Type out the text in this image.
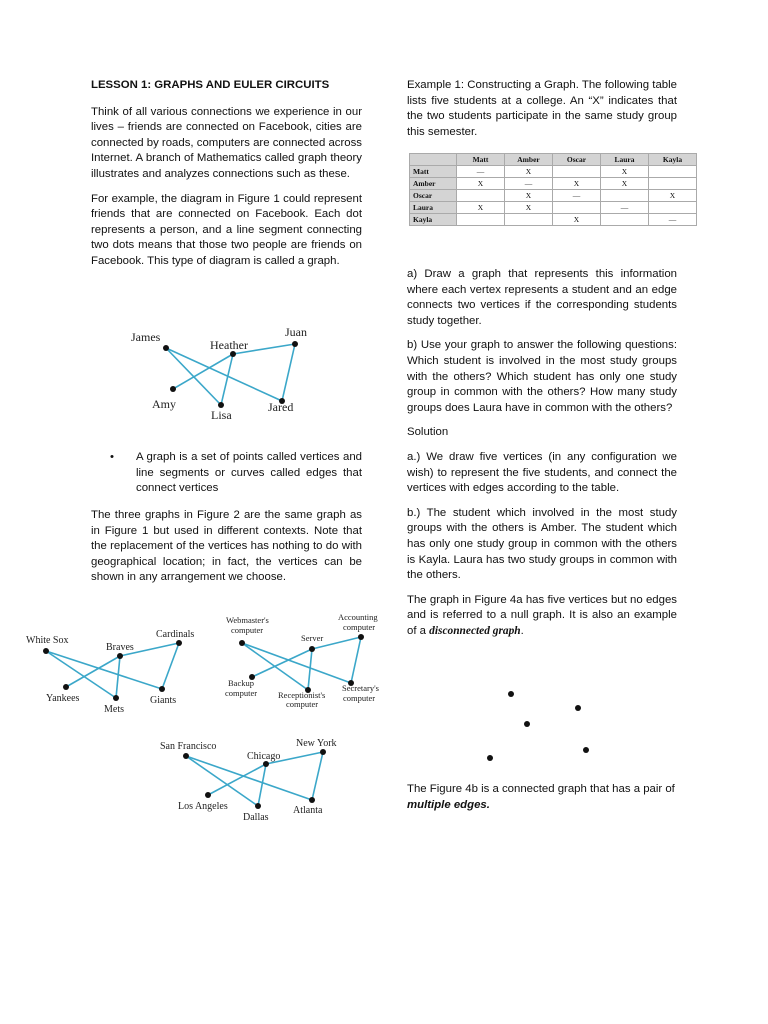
LESSON 1: GRAPHS AND EULER CIRCUITS

Think of all various connections we experience in our lives – friends are connected on Facebook, cities are connected by roads, computers are connected across Internet. A branch of Mathematics called graph theory illustrates and analyzes connections such as these.

For example, the diagram in Figure 1 could represent friends that are connected on Facebook. Each dot represents a person, and a line segment connecting two dots means that those two people are friends on Facebook. This type of diagram is called a graph.

James
Heather
Juan
Amy
Lisa
Jared
• A graph is a set of points called vertices and line segments or curves called edges that connect vertices

The three graphs in Figure 2 are the same graph as in Figure 1 but used in different contexts. Note that the replacement of the vertices has nothing to do with geographical location; in fact, the vertices can be shown in any arrangement we choose.

White Sox
Braves
Cardinals
Yankees
Mets
Giants
Webmaster's
computer
Accounting
computer
Server
Backup
computer Receptionist's
computer
Secretary's
computer
San Francisco
Chicago
New York
Los Angeles
Dallas
Atlanta

Example 1: Constructing a Graph. The following table lists five students at a college. An “X” indicates that the two students participate in the same study group this semester.

	Matt	Amber	Oscar	Laura	Kayla
Matt	—	X		X	
Amber	X	—	X	X	
Oscar		X	—		X
Laura	X	X		—	
Kayla			X		—

a) Draw a graph that represents this information where each vertex represents a student and an edge connects two vertices if the corresponding students study together.

b) Use your graph to answer the following questions: Which student is involved in the most study groups with the others? Which student has only one study group in common with the others? How many study groups does Laura have in common with the others?

Solution

a.) We draw five vertices (in any configuration we wish) to represent the five students, and connect the vertices with edges according to the table.

b.) The student which involved in the most study groups with the others is Amber. The student which has only one study group in common with the others is Kayla. Laura has two study groups in common with the others.

The graph in Figure 4a has five vertices but no edges and is referred to a null graph. It is also an example of a disconnected graph.

The Figure 4b is a connected graph that has a pair of multiple edges.
